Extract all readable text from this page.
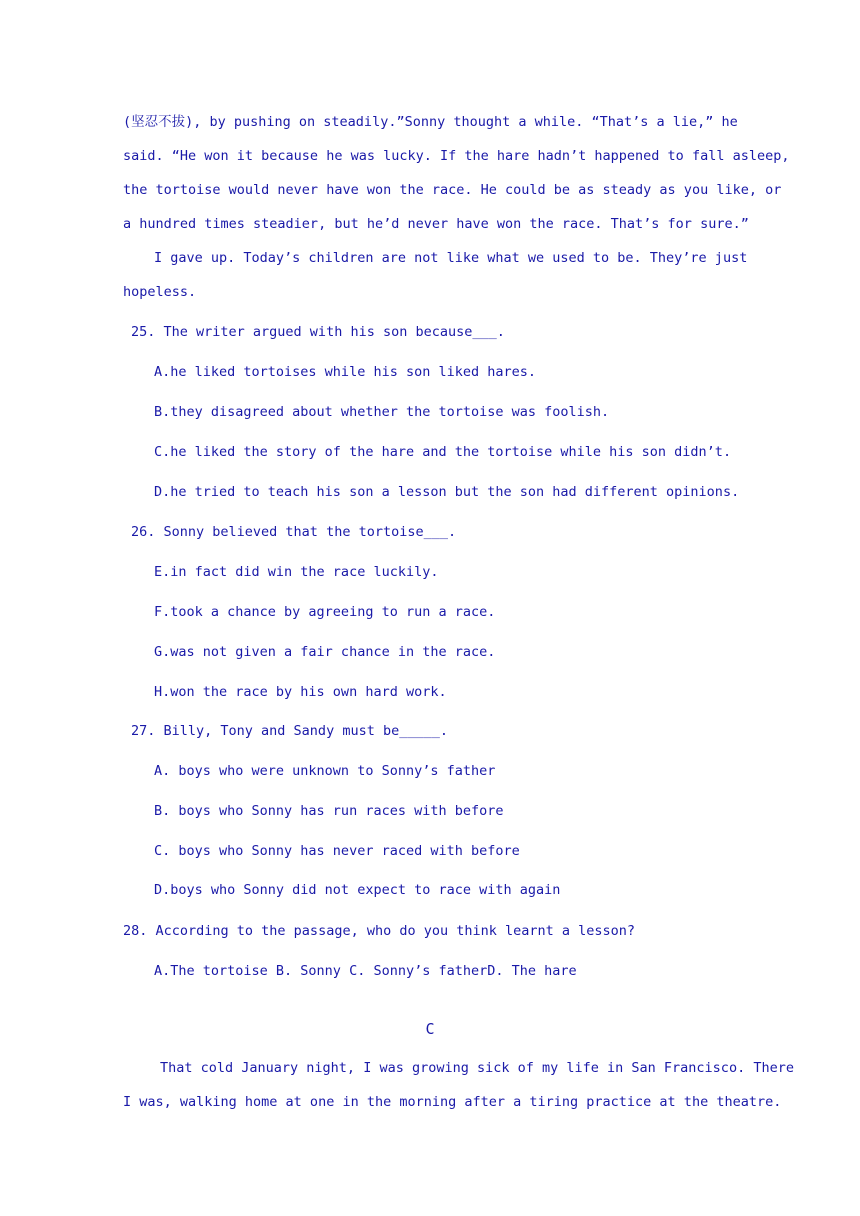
(坚忍不拔), by pushing on steadily.”Sonny thought a while. “That’s a lie,” he
said. “He won it because he was lucky. If the hare hadn’t happened to fall asleep,
the tortoise would never have won the race. He could be as steady as you like, or
a hundred times steadier, but he’d never have won the race. That’s for sure.”
I gave up. Today’s children are not like what we used to be. They’re just
hopeless.
25. The writer argued with his son because___.
A.he liked tortoises while his son liked hares.
B.they disagreed about whether the tortoise was foolish.
C.he liked the story of the hare and the tortoise while his son didn’t.
D.he tried to teach his son a lesson but the son had different opinions.
26. Sonny believed that the tortoise___.
E.in fact did win the race luckily.
F.took a chance by agreeing to run a race.
G.was not given a fair chance in the race.
H.won the race by his own hard work.
27. Billy, Tony and Sandy must be_____.
A. boys who were unknown to Sonny’s father
B. boys who Sonny has run races with before
C. boys who Sonny has never raced with before
D.boys who Sonny did not expect to race with again
28. According to the passage, who do you think learnt a lesson?
A.The tortoise B. Sonny C. Sonny’s fatherD. The hare
C
That cold January night, I was growing sick of my life in San Francisco. There
I was, walking home at one in the morning after a tiring practice at the theatre.
